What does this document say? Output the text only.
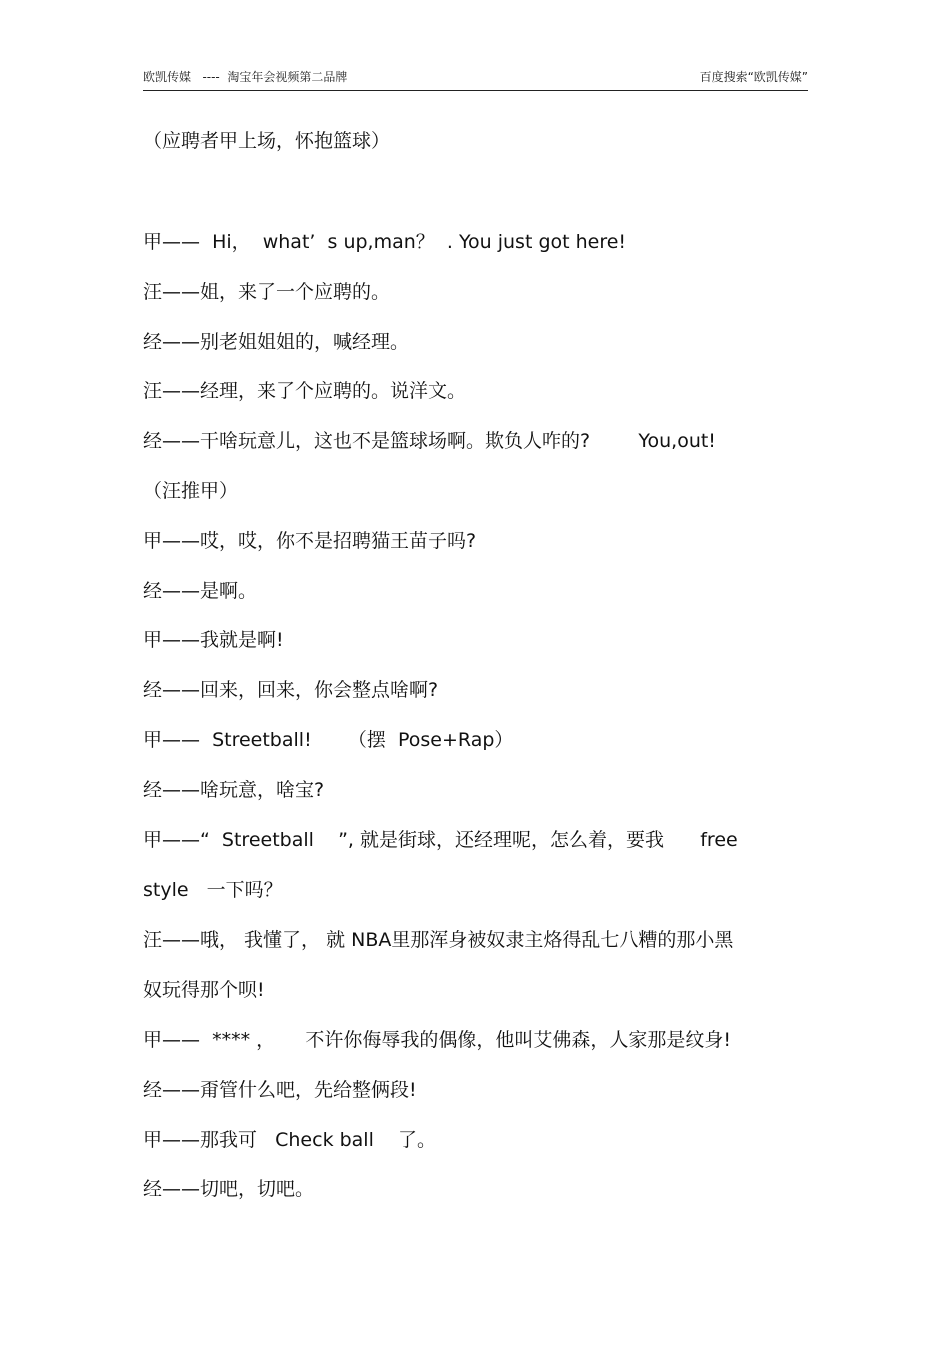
欧凯传媒   ----  淘宝年会视频第二品牌	百度搜索“欧凯传媒”
（应聘者甲上场，怀抱篮球）
甲——  Hi，  what’  s up,man？  . You just got here!
汪——姐，来了一个应聘的。
经——别老姐姐姐的，喊经理。
汪——经理，来了个应聘的。说洋文。
经——干啥玩意儿，这也不是篮球场啊。欺负人咋的?        You,out!
（汪推甲）
甲——哎，哎，你不是招聘猫王苗子吗?
经——是啊。
甲——我就是啊!
经——回来，回来，你会整点啥啊?
甲——  Streetball!      （摆  Pose+Rap）
经——啥玩意，啥宝?
甲——“  Streetball    ”, 就是街球，还经理呢，怎么着，要我      free
style   一下吗？
汪——哦， 我懂了， 就 NBA里那浑身被奴隶主烙得乱七八糟的那小黑
奴玩得那个呗!
甲——  **** ，     不许你侮辱我的偶像，他叫艾佛森，人家那是纹身!
经——甭管什么吧，先给整俩段!
甲——那我可   Check ball    了。
经——切吧，切吧。
